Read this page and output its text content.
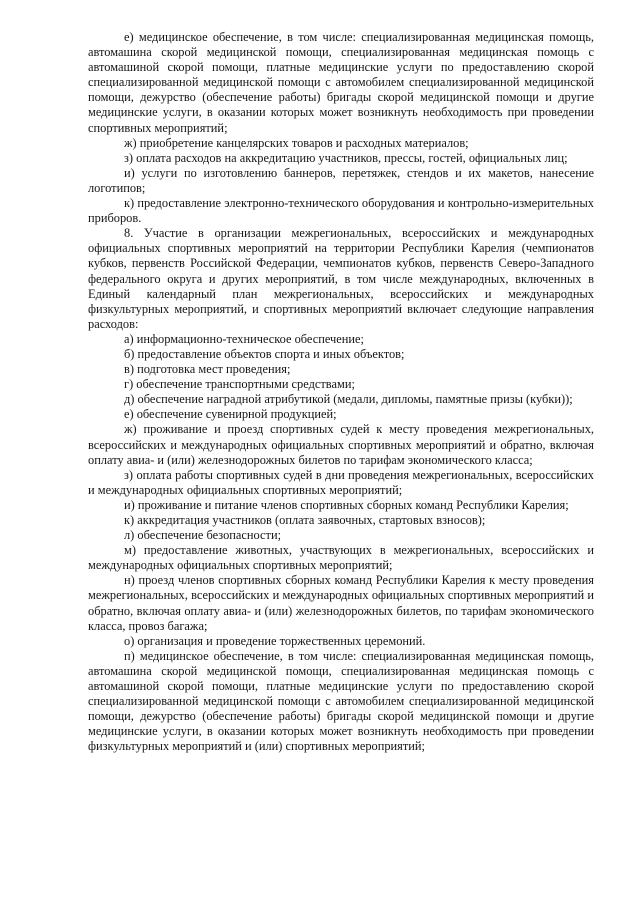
е) медицинское обеспечение, в том числе: специализированная медицинская помощь, автомашина скорой медицинской помощи, специализированная медицинская помощь с автомашиной скорой помощи, платные медицинские услуги по предоставлению скорой специализированной медицинской помощи с автомобилем специализированной медицинской помощи, дежурство (обеспечение работы) бригады скорой медицинской помощи и другие медицинские услуги, в оказании которых может возникнуть необходимость при проведении спортивных мероприятий;

ж) приобретение канцелярских товаров и расходных материалов;

з) оплата расходов на аккредитацию участников, прессы, гостей, официальных лиц;

и) услуги по изготовлению баннеров, перетяжек, стендов и их макетов, нанесение логотипов;

к) предоставление электронно-технического оборудования и контрольно-измерительных приборов.

8. Участие в организации межрегиональных, всероссийских и международных официальных спортивных мероприятий на территории Республики Карелия (чемпионатов кубков, первенств Российской Федерации, чемпионатов кубков, первенств Северо-Западного федерального округа и других мероприятий, в том числе международных, включенных в Единый календарный план межрегиональных, всероссийских и международных физкультурных мероприятий, и спортивных мероприятий включает следующие направления расходов:

а) информационно-техническое обеспечение;

б) предоставление объектов спорта и иных объектов;

в) подготовка мест проведения;

г) обеспечение транспортными средствами;

д) обеспечение наградной атрибутикой (медали, дипломы, памятные призы (кубки));

е) обеспечение сувенирной продукцией;

ж) проживание и проезд спортивных судей к месту проведения межрегиональных, всероссийских и международных официальных спортивных мероприятий и обратно, включая оплату авиа- и (или) железнодорожных билетов по тарифам экономического класса;

з) оплата работы спортивных судей в дни проведения межрегиональных, всероссийских и международных официальных спортивных мероприятий;

и) проживание и питание членов спортивных сборных команд Республики Карелия;

к) аккредитация участников (оплата заявочных, стартовых взносов);

л) обеспечение безопасности;

м) предоставление животных, участвующих в межрегиональных, всероссийских и международных официальных спортивных мероприятий;

н) проезд членов спортивных сборных команд Республики Карелия к месту проведения межрегиональных, всероссийских и международных официальных спортивных мероприятий и обратно, включая оплату авиа- и (или) железнодорожных билетов, по тарифам экономического класса, провоз багажа;

о) организация и проведение торжественных церемоний.

п) медицинское обеспечение, в том числе: специализированная медицинская помощь, автомашина скорой медицинской помощи, специализированная медицинская помощь с автомашиной скорой помощи, платные медицинские услуги по предоставлению скорой специализированной медицинской помощи с автомобилем специализированной медицинской помощи, дежурство (обеспечение работы) бригады скорой медицинской помощи и другие медицинские услуги, в оказании которых может возникнуть необходимость при проведении физкультурных мероприятий и (или) спортивных мероприятий;
